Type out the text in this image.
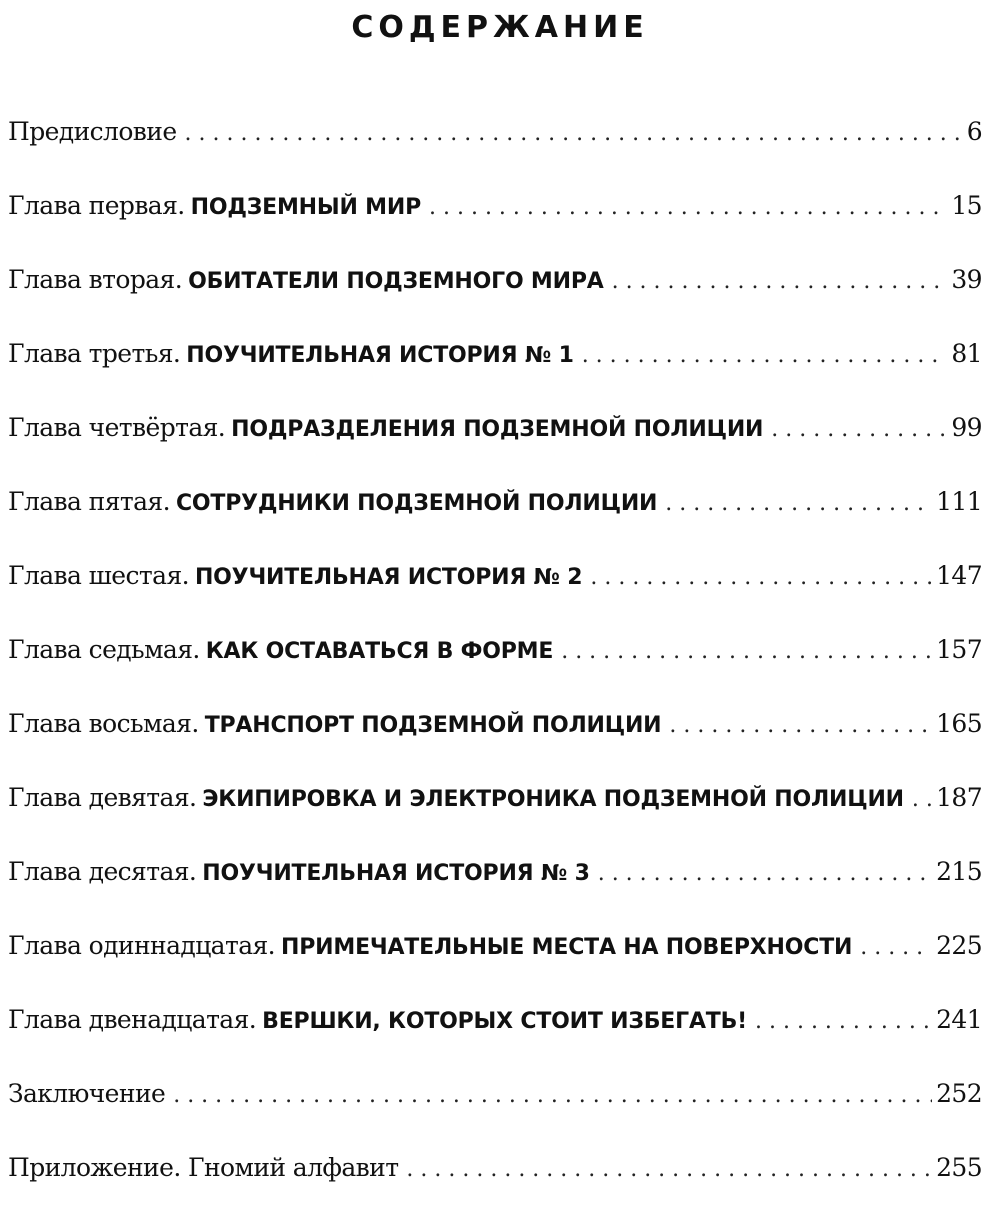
СОДЕРЖАНИЕ
Предисловие . . .	6
Глава первая. ПОДЗЕМНЫЙ МИР . . .	15
Глава вторая. ОБИТАТЕЛИ ПОДЗЕМНОГО МИРА . . .	39
Глава третья. ПОУЧИТЕЛЬНАЯ ИСТОРИЯ № 1 . . .	81
Глава четвёртая. ПОДРАЗДЕЛЕНИЯ ПОДЗЕМНОЙ ПОЛИЦИИ . . .	99
Глава пятая. СОТРУДНИКИ ПОДЗЕМНОЙ ПОЛИЦИИ . . .	111
Глава шестая. ПОУЧИТЕЛЬНАЯ ИСТОРИЯ № 2 . . .	147
Глава седьмая. КАК ОСТАВАТЬСЯ В ФОРМЕ . . .	157
Глава восьмая. ТРАНСПОРТ ПОДЗЕМНОЙ ПОЛИЦИИ . . .	165
Глава девятая. ЭКИПИРОВКА И ЭЛЕКТРОНИКА ПОДЗЕМНОЙ ПОЛИЦИИ . . . 187
Глава десятая. ПОУЧИТЕЛЬНАЯ ИСТОРИЯ № 3 . . .	215
Глава одиннадцатая. ПРИМЕЧАТЕЛЬНЫЕ МЕСТА НА ПОВЕРХНОСТИ . . .	225
Глава двенадцатая. ВЕРШКИ, КОТОРЫХ СТОИТ ИЗБЕГАТЬ! . . .	241
Заключение . . .	252
Приложение. Гномий алфавит . . .	255
